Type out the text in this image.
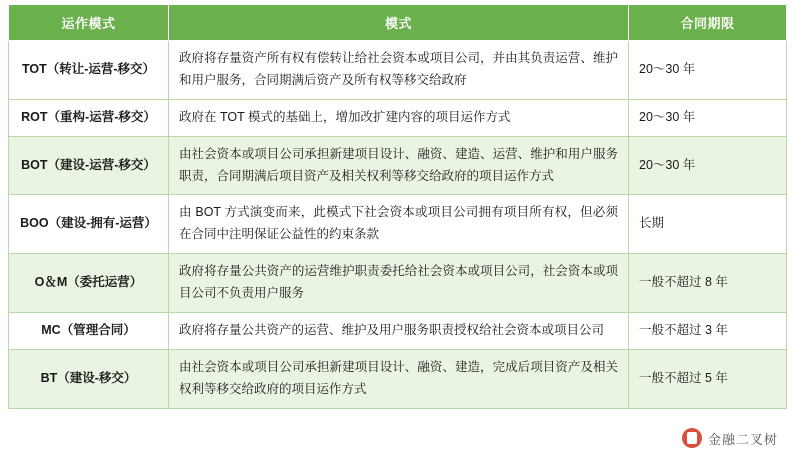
运作模式	模式	合同期限
TOT（转让-运营-移交）	政府将存量资产所有权有偿转让给社会资本或项目公司，并由其负责运营、维护和用户服务，合同期满后资产及所有权等移交给政府	20～30 年
ROT（重构-运营-移交）	政府在 TOT 模式的基础上，增加改扩建内容的项目运作方式	20～30 年
BOT（建设-运营-移交）	由社会资本或项目公司承担新建项目设计、融资、建造、运营、维护和用户服务职责，合同期满后项目资产及相关权利等移交给政府的项目运作方式	20～30 年
BOO（建设-拥有-运营）	由 BOT 方式演变而来，此模式下社会资本或项目公司拥有项目所有权，但必须在合同中注明保证公益性的约束条款	长期
O＆M（委托运营）	政府将存量公共资产的运营维护职责委托给社会资本或项目公司，社会资本或项目公司不负责用户服务	一般不超过 8 年
MC（管理合同）	政府将存量公共资产的运营、维护及用户服务职责授权给社会资本或项目公司	一般不超过 3 年
BT（建设-移交）	由社会资本或项目公司承担新建项目设计、融资、建造，完成后项目资产及相关权利等移交给政府的项目运作方式	一般不超过 5 年
金融二叉树
